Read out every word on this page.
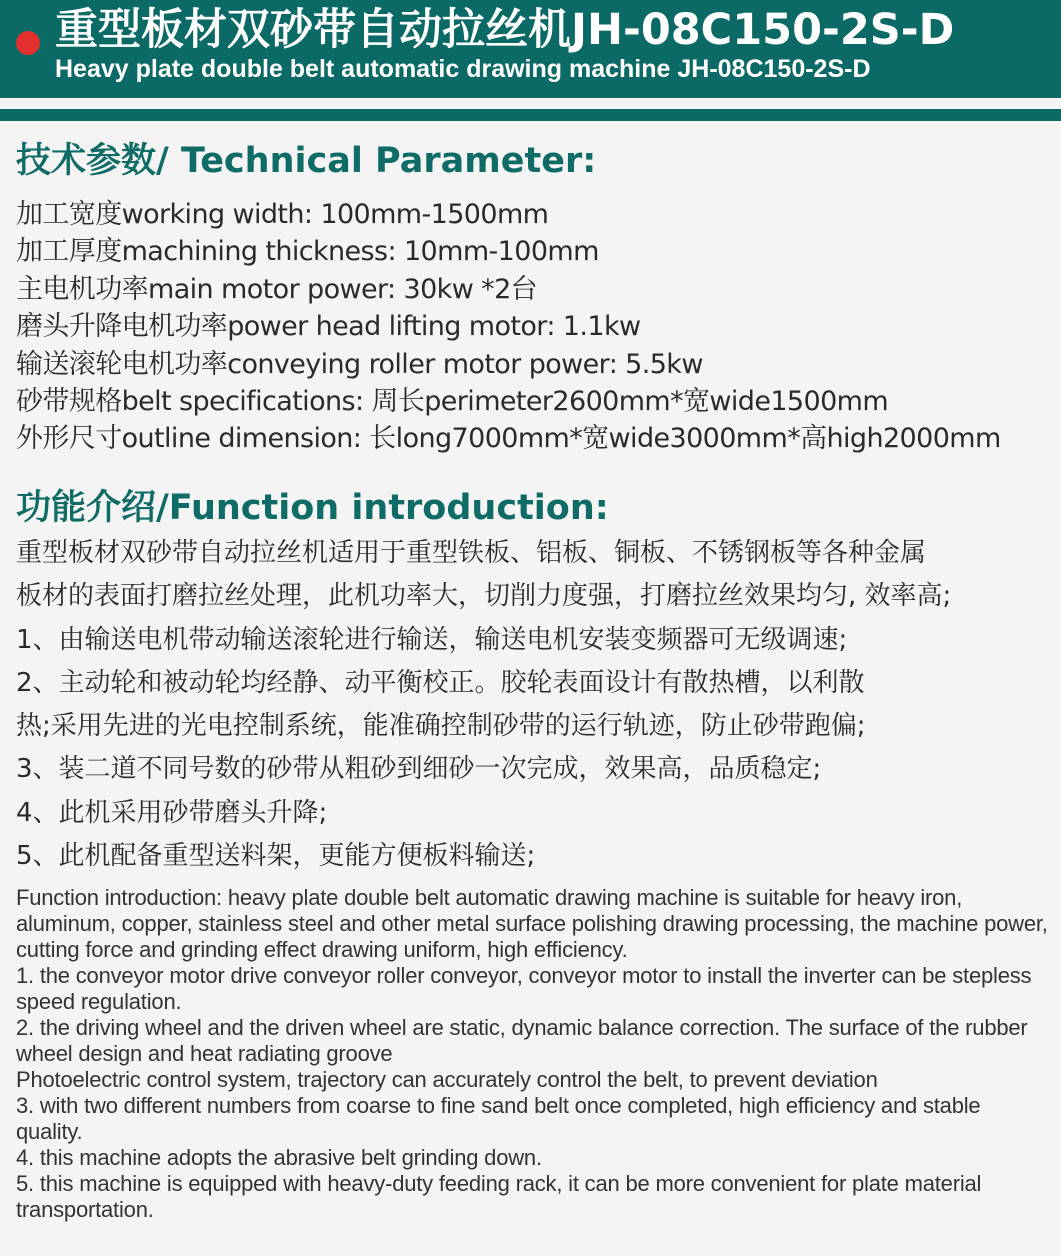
重型板材双砂带自动拉丝机JH-08C150-2S-D
Heavy plate double belt automatic drawing machine JH-08C150-2S-D
技术参数/ Technical Parameter:
加工宽度working width: 100mm-1500mm
加工厚度machining thickness: 10mm-100mm
主电机功率main motor power: 30kw *2台
磨头升降电机功率power head lifting motor: 1.1kw
输送滚轮电机功率conveying roller motor power: 5.5kw
砂带规格belt specifications: 周长perimeter2600mm*宽wide1500mm
外形尺寸outline dimension: 长long7000mm*宽wide3000mm*高high2000mm
功能介绍/Function introduction:
重型板材双砂带自动拉丝机适用于重型铁板、铝板、铜板、不锈钢板等各种金属
板材的表面打磨拉丝处理，此机功率大，切削力度强，打磨拉丝效果均匀, 效率高;
1、由输送电机带动输送滚轮进行输送，输送电机安装变频器可无级调速;
2、主动轮和被动轮均经静、动平衡校正。胶轮表面设计有散热槽，以利散
热;采用先进的光电控制系统，能准确控制砂带的运行轨迹，防止砂带跑偏;
3、装二道不同号数的砂带从粗砂到细砂一次完成，效果高，品质稳定;
4、此机采用砂带磨头升降;
5、此机配备重型送料架，更能方便板料输送;
Function introduction: heavy plate double belt automatic drawing machine is suitable for heavy iron, aluminum, copper, stainless steel and other metal surface polishing drawing processing, the machine power, cutting force and grinding effect drawing uniform, high efficiency.
1. the conveyor motor drive conveyor roller conveyor, conveyor motor to install the inverter can be stepless speed regulation.
2. the driving wheel and the driven wheel are static, dynamic balance correction. The surface of the rubber wheel design and heat radiating groove
Photoelectric control system, trajectory can accurately control the belt, to prevent deviation
3. with two different numbers from coarse to fine sand belt once completed, high efficiency and stable quality.
4. this machine adopts the abrasive belt grinding down.
5. this machine is equipped with heavy-duty feeding rack, it can be more convenient for plate material transportation.
